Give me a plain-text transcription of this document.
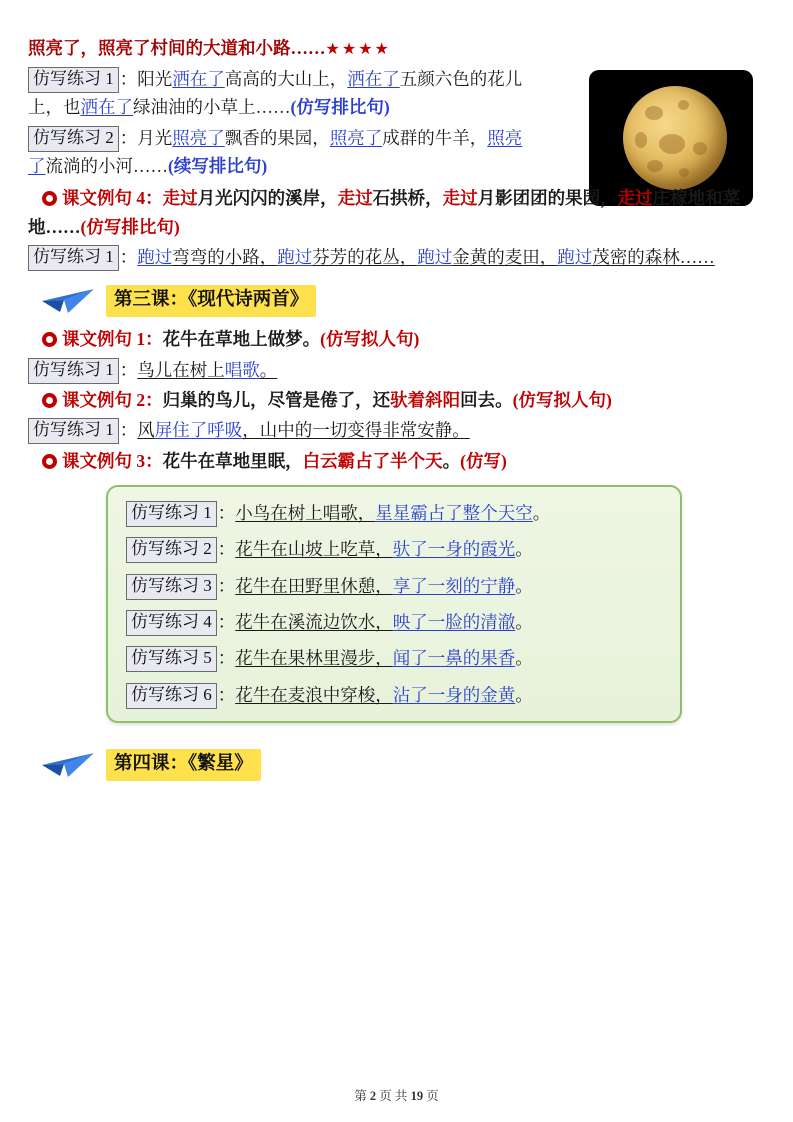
照亮了，照亮了村间的大道和小路……★★★★

仿写练习 1 ：阳光洒在了高高的大山上，洒在了五颜六色的花儿上，也洒在了绿油油的小草上……(仿写排比句)

仿写练习 2 ：月光照亮了飘香的果园，照亮了成群的牛羊，照亮了流淌的小河……(续写排比句)

课文例句 4：走过月光闪闪的溪岸，走过石拱桥，走过月影团团的果园，走过庄稼地和菜地……(仿写排比句)

仿写练习 1 ：跑过弯弯的小路，跑过芬芳的花丛，跑过金黄的麦田，跑过茂密的森林……

第三课：《现代诗两首》

课文例句 1：花牛在草地上做梦。(仿写拟人句)

仿写练习 1 ：鸟儿在树上唱歌。

课文例句 2：归巢的鸟儿，尽管是倦了，还驮着斜阳回去。(仿写拟人句)

仿写练习 1 ：风屏住了呼吸，山中的一切变得非常安静。

课文例句 3：花牛在草地里眠，白云霸占了半个天。(仿写)

仿写练习 1 ：小鸟在树上唱歌，星星霸占了整个天空。

仿写练习 2 ：花牛在山坡上吃草，驮了一身的霞光。

仿写练习 3 ：花牛在田野里休憩，享了一刻的宁静。

仿写练习 4 ：花牛在溪流边饮水，映了一脸的清澈。

仿写练习 5 ：花牛在果林里漫步，闻了一鼻的果香。

仿写练习 6 ：花牛在麦浪中穿梭，沾了一身的金黄。

第四课：《繁星》
第 2 页 共 19 页
